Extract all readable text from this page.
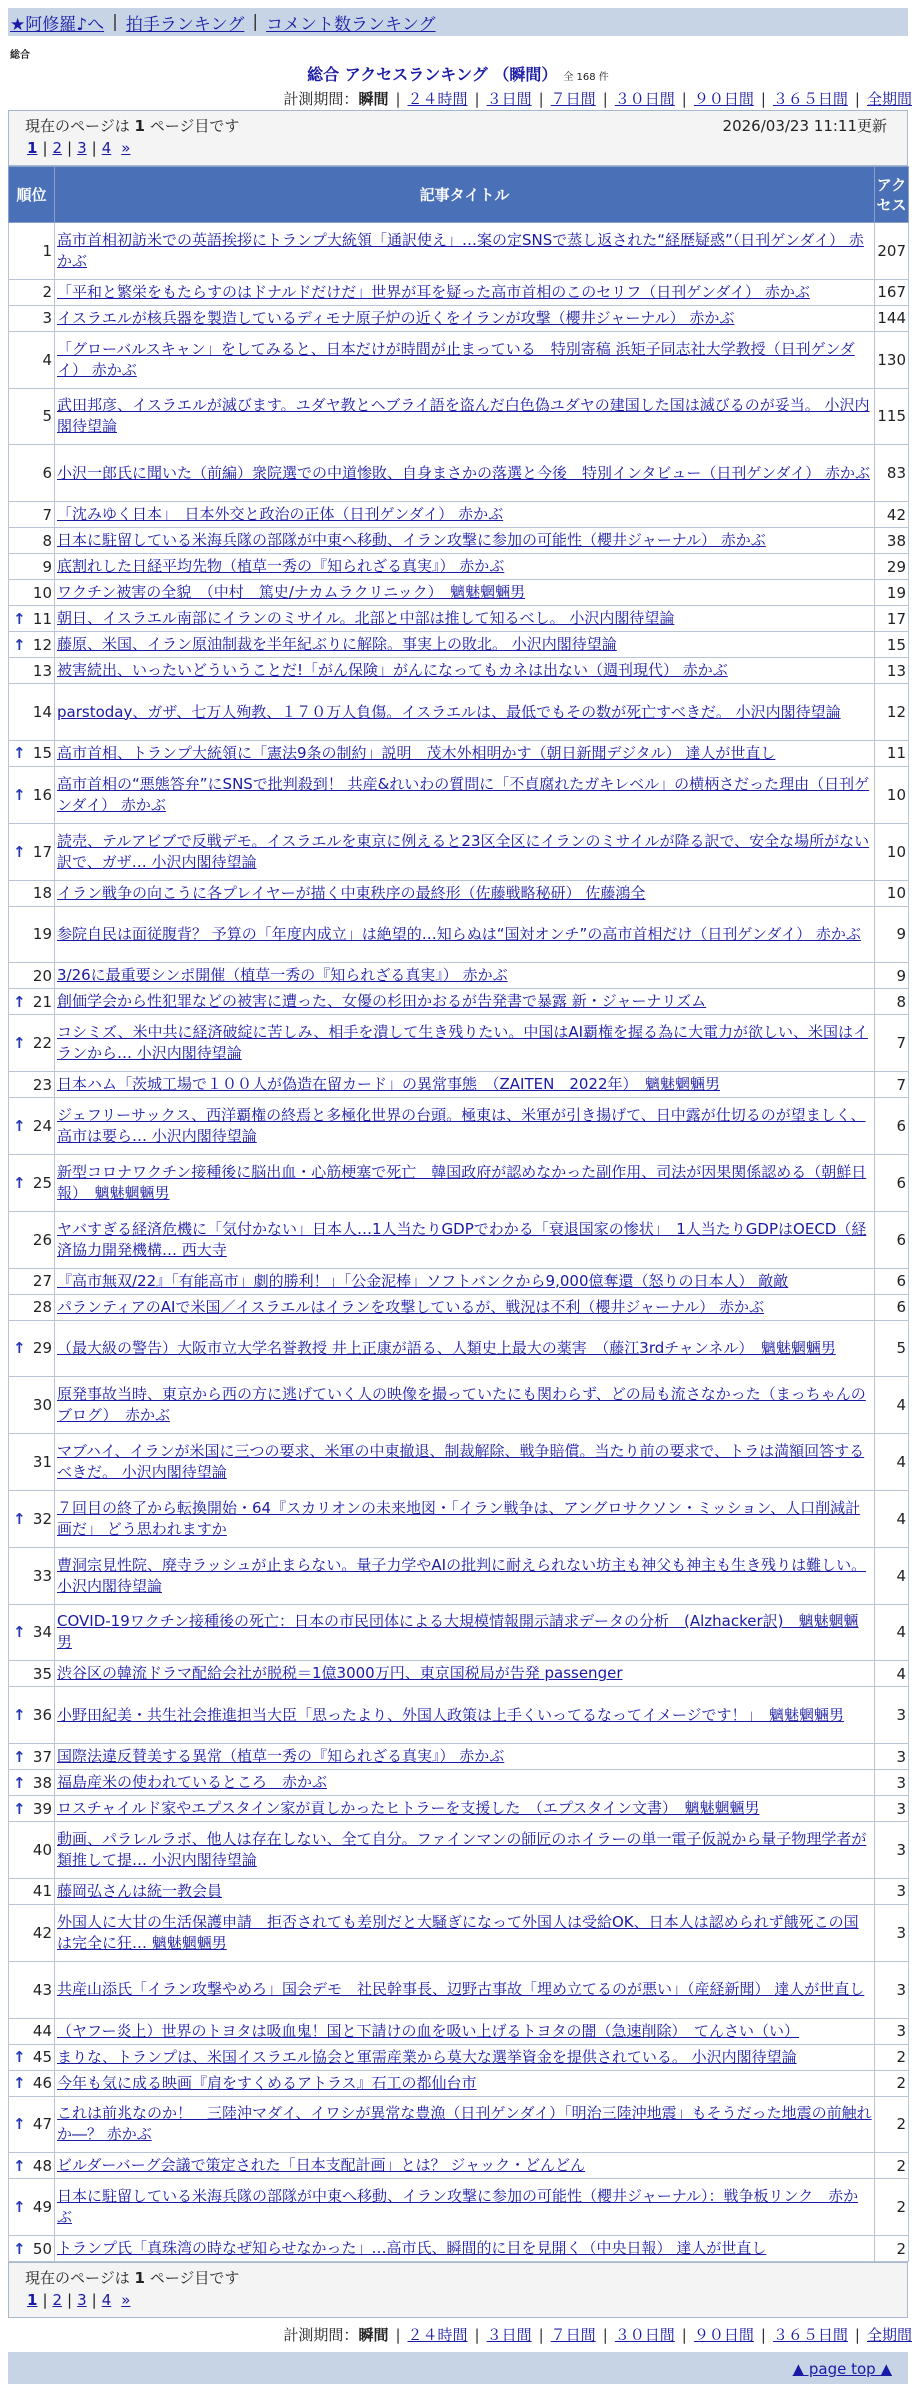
★阿修羅♪へ | 拍手ランキング | コメント数ランキング
総合
総合 アクセスランキング （瞬間） 全 168 件
計測期間： 瞬間 | ２４時間 | ３日間 | ７日間 | ３０日間 | ９０日間 | ３６５日間 | 全期間
現在のページは 1 ページ目です	2026/03/23 11:11更新
1 | 2 | 3 | 4 »
順位	記事タイトル	アクセス
1	高市首相初訪米での英語挨拶にトランプ大統領「通訳使え」…案の定SNSで蒸し返された“経歴疑惑”（日刊ゲンダイ） 赤かぶ	207
2	「平和と繁栄をもたらすのはドナルドだけだ」世界が耳を疑った高市首相のこのセリフ（日刊ゲンダイ） 赤かぶ	167
3	イスラエルが核兵器を製造しているディモナ原子炉の近くをイランが攻撃（櫻井ジャーナル） 赤かぶ	144
4	「グローバルスキャン」をしてみると、日本だけが時間が止まっている　特別寄稿 浜矩子同志社大学教授（日刊ゲンダイ） 赤かぶ	130
5	武田邦彦、イスラエルが滅びます。ユダヤ教とヘブライ語を盗んだ白色偽ユダヤの建国した国は滅びるのが妥当。 小沢内閣待望論	115
6	小沢一郎氏に聞いた（前編）衆院選での中道惨敗、自身まさかの落選と今後　特別インタビュー（日刊ゲンダイ） 赤かぶ	83
7	「沈みゆく日本」　日本外交と政治の正体（日刊ゲンダイ） 赤かぶ	42
8	日本に駐留している米海兵隊の部隊が中東へ移動、イラン攻撃に参加の可能性（櫻井ジャーナル） 赤かぶ	38
9	底割れした日経平均先物（植草一秀の『知られざる真実』） 赤かぶ	29
10	ワクチン被害の全貌　（中村　篤史/ナカムラクリニック）　魑魅魍魎男	19

↑ 11	朝日、イスラエル南部にイランのミサイル。北部と中部は推して知るべし。 小沢内閣待望論	17

↑ 12	藤原、米国、イラン原油制裁を半年紀ぶりに解除。事実上の敗北。 小沢内閣待望論	15
13	被害続出、いったいどういうことだ!「がん保険」がんになってもカネは出ない（週刊現代） 赤かぶ	13
14	parstoday、ガザ、七万人殉教、１７０万人負傷。イスラエルは、最低でもその数が死亡すべきだ。 小沢内閣待望論	12

↑ 15	高市首相、トランプ大統領に「憲法9条の制約」説明　茂木外相明かす（朝日新聞デジタル） 達人が世直し	11

↑ 16	高市首相の“悪態答弁”にSNSで批判殺到！ 共産&れいわの質問に「不貞腐れたガキレベル」の横柄さだった理由（日刊ゲンダイ） 赤かぶ	10

↑ 17	読売、テルアビブで反戦デモ。イスラエルを東京に例えると23区全区にイランのミサイルが降る訳で、安全な場所がない訳で、ガザ… 小沢内閣待望論	10
18	イラン戦争の向こうに各プレイヤーが描く中東秩序の最終形（佐藤戦略秘研） 佐藤鴻全	10
19	参院自民は面従腹背？ 予算の「年度内成立」は絶望的…知らぬは“国対オンチ”の高市首相だけ（日刊ゲンダイ） 赤かぶ	9
20	3/26に最重要シンポ開催（植草一秀の『知られざる真実』） 赤かぶ	9

↑ 21	創価学会から性犯罪などの被害に遭った、女優の杉田かおるが告発書で暴露 新・ジャーナリズム	8

↑ 22	コシミズ、米中共に経済破綻に苦しみ、相手を潰して生き残りたい。中国はAI覇権を握る為に大電力が欲しい、米国はイランから… 小沢内閣待望論	7
23	日本ハム「茨城工場で１００人が偽造在留カード」の異常事態　（ZAITEN　2022年）　魑魅魍魎男	7

↑ 24	ジェフリーサックス、西洋覇権の終焉と多極化世界の台頭。極東は、米軍が引き揚げて、日中露が仕切るのが望ましく、高市は要ら… 小沢内閣待望論	6

↑ 25	新型コロナワクチン接種後に脳出血・心筋梗塞で死亡　韓国政府が認めなかった副作用、司法が因果関係認める（朝鮮日報）　魑魅魍魎男	6
26	ヤバすぎる経済危機に「気付かない」日本人…1人当たりGDPでわかる「衰退国家の惨状」　1人当たりGDPはOECD（経済協力開発機構… 西大寺	6
27	『高市無双/22』「有能高市」劇的勝利！」「公金泥棒」ソフトバンクから9,000億奪還（怒りの日本人） 敵敵	6
28	パランティアのAIで米国／イスラエルはイランを攻撃しているが、戦況は不利（櫻井ジャーナル） 赤かぶ	6

↑ 29	（最大級の警告）大阪市立大学名誉教授 井上正康が語る、人類史上最大の薬害　（藤江3rdチャンネル）　魑魅魍魎男	5
30	原発事故当時、東京から西の方に逃げていく人の映像を撮っていたにも関わらず、どの局も流さなかった（まっちゃんのブログ）　赤かぶ	4
31	マブハイ、イランが米国に三つの要求、米軍の中東撤退、制裁解除、戦争賠償。当たり前の要求で、トラは満額回答するべきだ。 小沢内閣待望論	4

↑ 32	７回目の終了から転換開始・64『スカリオンの未来地図・「イラン戦争は、アングロサクソン・ミッション、人口削減計画だ」 どう思われますか	4
33	曹洞宗見性院、廃寺ラッシュが止まらない。量子力学やAIの批判に耐えられない坊主も神父も神主も生き残りは難しい。 小沢内閣待望論	4

↑ 34	COVID-19ワクチン接種後の死亡：日本の市民団体による大規模情報開示請求データの分析　(Alzhacker訳)　魑魅魍魎男	4
35	渋谷区の韓流ドラマ配給会社が脱税＝1億3000万円、東京国税局が告発 passenger	4

↑ 36	小野田紀美・共生社会推進担当大臣「思ったより、外国人政策は上手くいってるなってイメージです！」　魑魅魍魎男	3

↑ 37	国際法違反賛美する異常（植草一秀の『知られざる真実』） 赤かぶ	3

↑ 38	福島産米の使われているところ　赤かぶ	3

↑ 39	ロスチャイルド家やエプスタイン家が貢しかったヒトラーを支援した　（エプスタイン文書）　魑魅魍魎男	3
40	動画、パラレルラボ、他人は存在しない、全て自分。ファインマンの師匠のホイラーの単一電子仮説から量子物理学者が類推して提… 小沢内閣待望論	3
41	藤岡弘さんは統一教会員	3
42	外国人に大甘の生活保護申請　拒否されても差別だと大騒ぎになって外国人は受給OK、日本人は認められず餓死この国は完全に狂… 魑魅魍魎男	3
43	共産山添氏「イラン攻撃やめろ」国会デモ　社民幹事長、辺野古事故「埋め立てるのが悪い」（産経新聞） 達人が世直し	3
44	（ヤフー炎上）世界のトヨタは吸血鬼！国と下請けの血を吸い上げるトヨタの闇（急速削除）　てんさい（い）	3

↑ 45	まりな、トランプは、米国イスラエル協会と軍需産業から莫大な選挙資金を提供されている。 小沢内閣待望論	2

↑ 46	今年も気に成る映画『肩をすくめるアトラス』石工の都仙台市	2

↑ 47	これは前兆なのか！　三陸沖マダイ、イワシが異常な豊漁（日刊ゲンダイ）「明治三陸沖地震」もそうだった地震の前触れか―？ 赤かぶ	2

↑ 48	ビルダーバーグ会議で策定された「日本支配計画」とは？ ジャック・どんどん	2

↑ 49	日本に駐留している米海兵隊の部隊が中東へ移動、イラン攻撃に参加の可能性（櫻井ジャーナル）：戦争板リンク　赤かぶ	2

↑ 50	トランプ氏「真珠湾の時なぜ知らせなかった」…高市氏、瞬間的に目を見開く（中央日報） 達人が世直し	2
現在のページは 1 ページ目です
1 | 2 | 3 | 4 »
計測期間： 瞬間 | ２４時間 | ３日間 | ７日間 | ３０日間 | ９０日間 | ３６５日間 | 全期間
▲ page top ▲
